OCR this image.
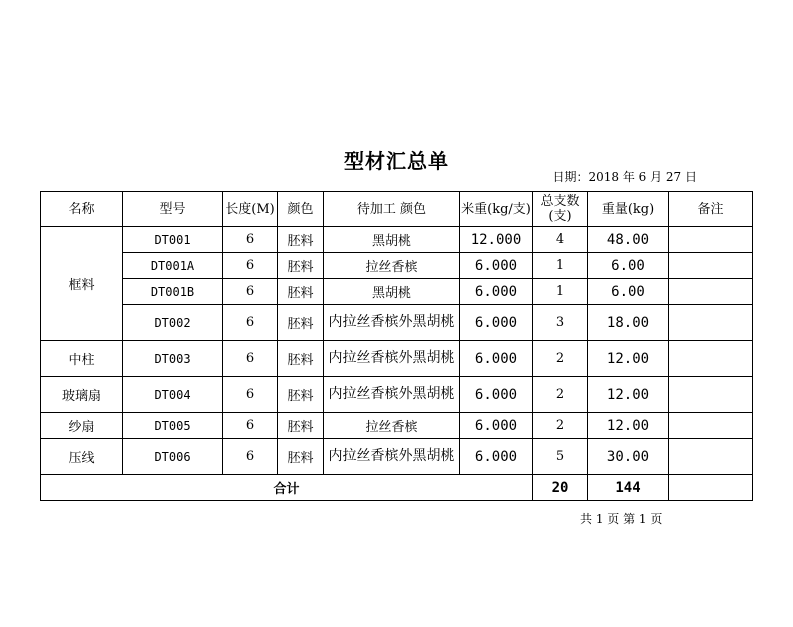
型材汇总单
日期：2018 年 6 月 27 日
名称	型号	长度(M)	颜色	待加工 颜色	米重(kg/支)	总支数(支)	重量(kg)	备注
框料	DT001	6	胚料	黑胡桃	12.000	4	48.00	
	DT001A	6	胚料	拉丝香槟	6.000	1	6.00	
	DT001B	6	胚料	黑胡桃	6.000	1	6.00	
	DT002	6	胚料	内拉丝香槟外黑胡桃	6.000	3	18.00	
中柱	DT003	6	胚料	内拉丝香槟外黑胡桃	6.000	2	12.00	
玻璃扇	DT004	6	胚料	内拉丝香槟外黑胡桃	6.000	2	12.00	
纱扇	DT005	6	胚料	拉丝香槟	6.000	2	12.00	
压线	DT006	6	胚料	内拉丝香槟外黑胡桃	6.000	5	30.00	
合计						20	144	
共 1 页 第 1 页
